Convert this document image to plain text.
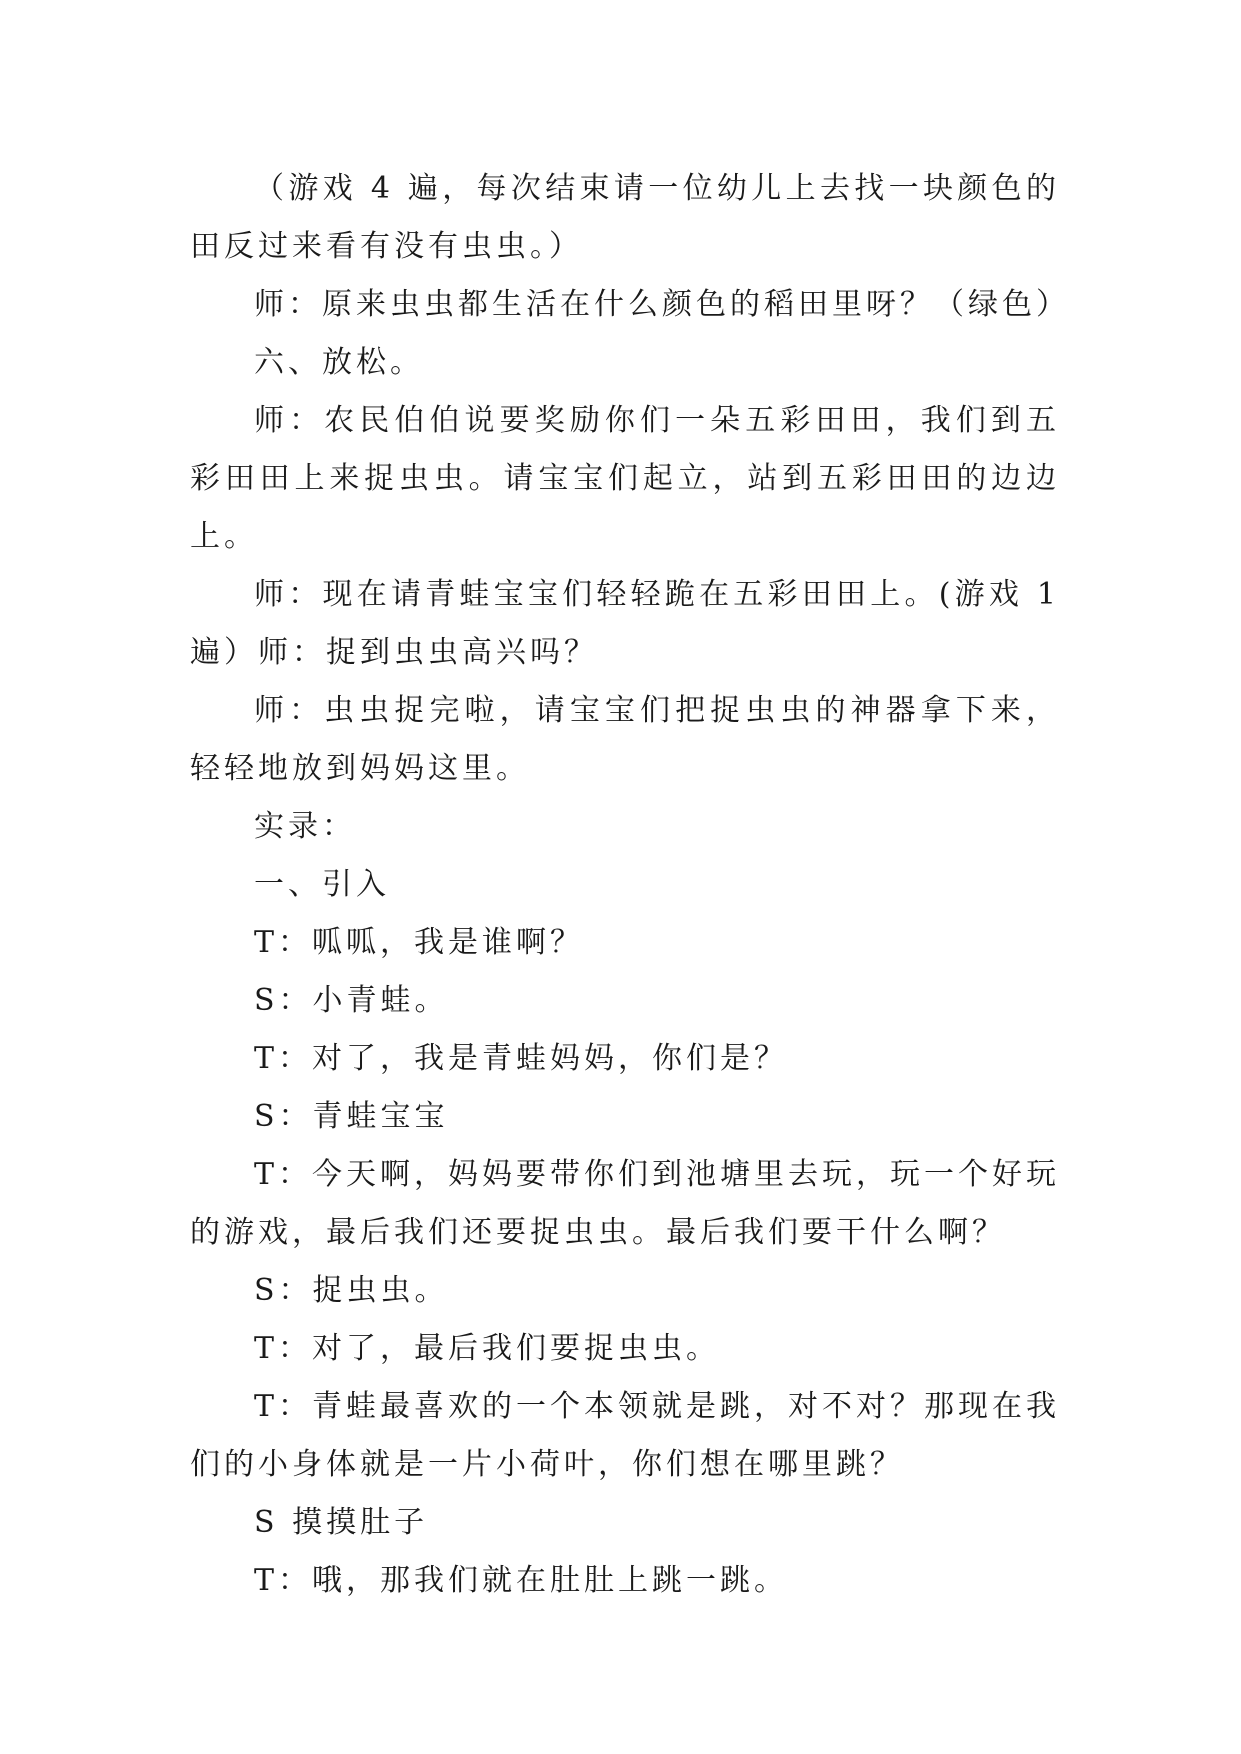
（游戏 4 遍，每次结束请一位幼儿上去找一块颜色的田反过来看有没有虫虫。）

师：原来虫虫都生活在什么颜色的稻田里呀？（绿色）

六、放松。

师：农民伯伯说要奖励你们一朵五彩田田，我们到五彩田田上来捉虫虫。请宝宝们起立，站到五彩田田的边边上。

师：现在请青蛙宝宝们轻轻跪在五彩田田上。(游戏 1 遍）师：捉到虫虫高兴吗？

师：虫虫捉完啦，请宝宝们把捉虫虫的神器拿下来，轻轻地放到妈妈这里。

实录：

一、引入

T：呱呱，我是谁啊？

S：小青蛙。

T：对了，我是青蛙妈妈，你们是？

S：青蛙宝宝

T：今天啊，妈妈要带你们到池塘里去玩，玩一个好玩的游戏，最后我们还要捉虫虫。最后我们要干什么啊？

S：捉虫虫。

T：对了，最后我们要捉虫虫。

T：青蛙最喜欢的一个本领就是跳，对不对？那现在我们的小身体就是一片小荷叶，你们想在哪里跳？

S 摸摸肚子

T：哦，那我们就在肚肚上跳一跳。
